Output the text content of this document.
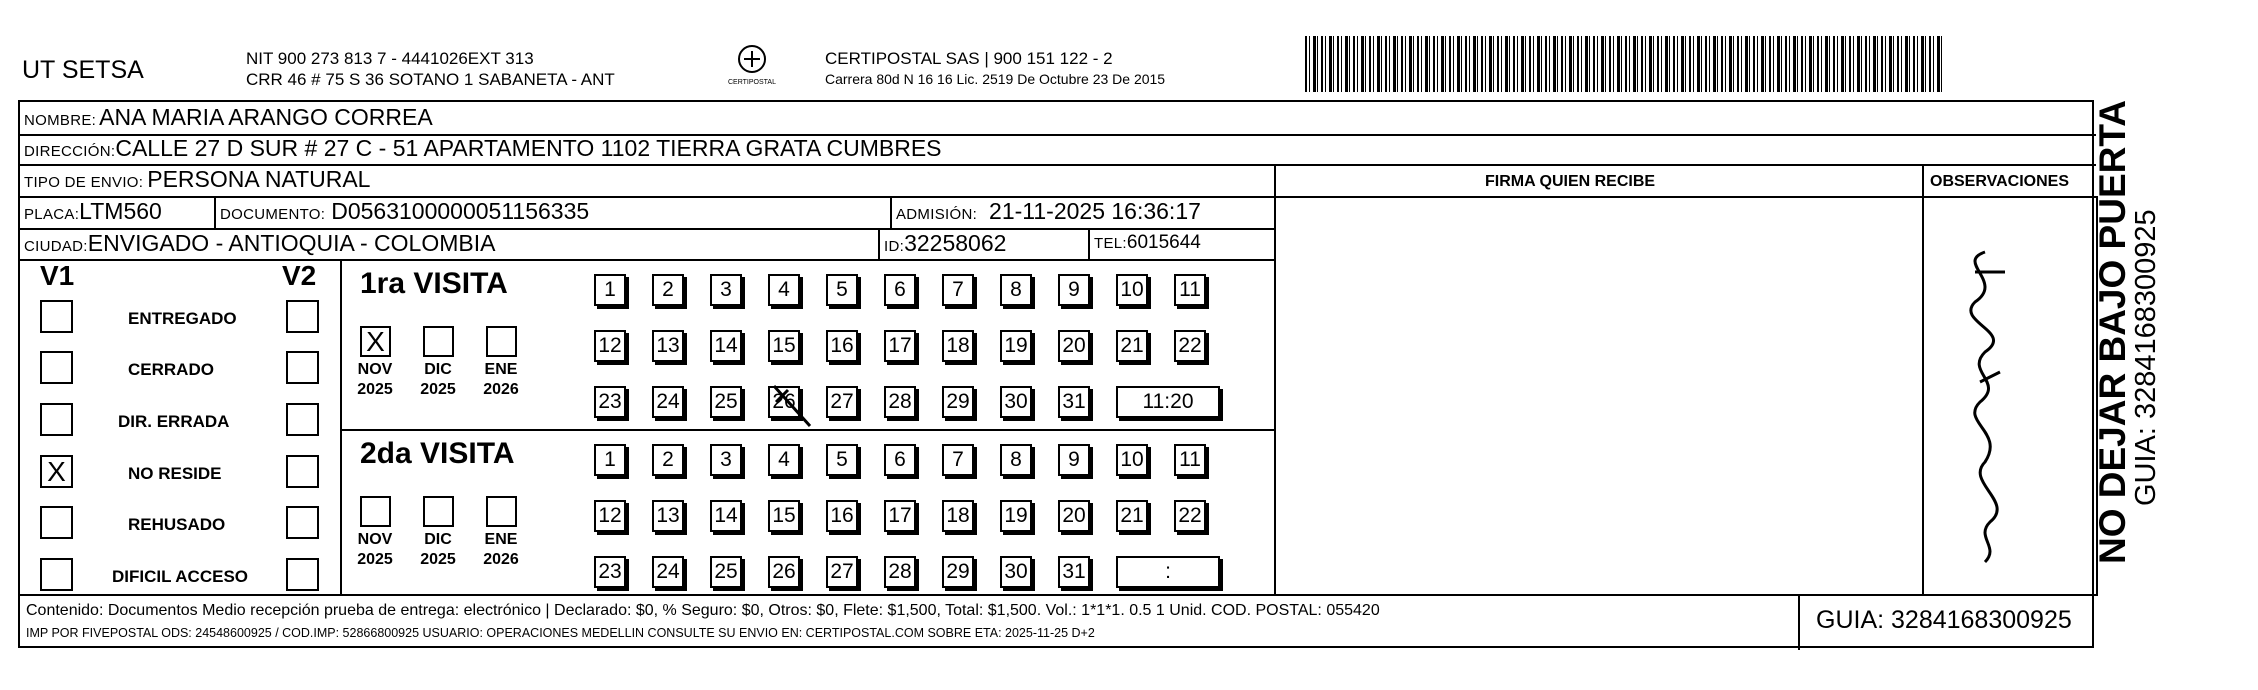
UT SETSA	NIT 900 273 813 7 - 4441026EXT 313
CRR 46 # 75 S 36 SOTANO 1 SABANETA - ANT	CERTIPOSTAL
CERTIPOSTAL SAS | 900 151 122 - 2
Carrera 80d N 16 16 Lic. 2519 De Octubre 23 De 2015
NOMBRE: ANA MARIA ARANGO CORREA
DIRECCIÓN:CALLE 27 D SUR # 27 C - 51 APARTAMENTO 1102 TIERRA GRATA CUMBRES
TIPO DE ENVIO: PERSONA NATURAL	FIRMA QUIEN RECIBE	OBSERVACIONES
PLACA:LTM560	DOCUMENTO: D0563100000051156335	ADMISIÓN: 21-11-2025 16:36:17
CIUDAD:ENVIGADO - ANTIOQUIA - COLOMBIA	ID:32258062	TEL:6015644
V1	V2
ENTREGADO
CERRADO
DIR. ERRADA
X	NO RESIDE
REHUSADO
DIFICIL ACCESO
1ra VISITA
X
NOV
2025
DIC
2025
ENE
2026
1	2	3	4	5	6	7	8	9	10 11
12 13 14 15 16 17 18 19 20 21 22
23 24 25 26 27 28 29 30 31	11:20
2da VISITA
NOV
2025
DIC
2025
ENE
2026
1	2	3	4	5	6	7	8	9	10 11
12 13 14 15 16 17 18 19 20 21 22
23 24 25 26 27 28 29 30 31	:
Contenido: Documentos Medio recepción prueba de entrega: electrónico | Declarado: $0, % Seguro: $0, Otros: $0, Flete: $1,500, Total: $1,500. Vol.: 1*1*1. 0.5 1 Unid. COD. POSTAL: 055420
IMP POR FIVEPOSTAL ODS: 24548600925 / COD.IMP: 52866800925 USUARIO: OPERACIONES MEDELLIN CONSULTE SU ENVIO EN: CERTIPOSTAL.COM SOBRE ETA: 2025-11-25 D+2	GUIA: 3284168300925
NO DEJAR BAJO PUERTA
GUIA: 3284168300925
